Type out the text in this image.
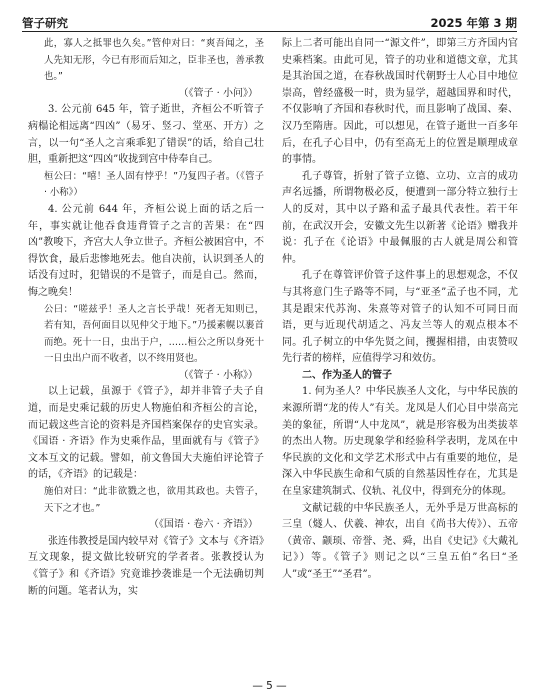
管子研究	2025 年第 3 期

此，寡人之抵罪也久矣。”管仲对曰：“爽吾闻之，圣人先知无形，今已有形而后知之，臣非圣也，善承教也。”

（《管子 · 小问》）

3. 公元前 645 年，管子逝世，齐桓公不听管子病榻论相远离“四凶”（易牙、竖刁、堂巫、开方）之言，以一句“圣人之言乘乖犯了错误”的话，给自己壮胆，重新把这“四凶”收拢到宫中侍奉自己。

桓公曰：“嘻！圣人固有悖乎！”乃复四子者。（《管子 · 小称》）

4. 公元前 644 年，齐桓公说上面的话之后一年，事实就让他吞食违背管子之言的苦果：在“四凶”教唆下，齐宫大人争立世子。齐桓公被困宫中，不得饮食，最后悲惨地死去。他自决前，认识到圣人的话没有过时，犯错误的不是管子，而是自己。然而，悔之晚矣！

公曰：“嗟兹乎！圣人之言长乎哉！死者无知则已，若有知，吾何面目以见仲父于地下。”乃援素幌以裹首而绝。死十一日，虫出于户，……桓公之所以身死十一日虫出户而不收者，以不终用贤也。

（《管子 · 小称》）

以上记载，虽源于《管子》，却并非管子夫子自道，而是史乘记载的历史人物施伯和齐桓公的言论，而记载这些言论的资料是齐国档案保存的史官实录。《国语 · 齐语》作为史乘作品，里面就有与《管子》文本互文的记载。譬如，前文鲁国大夫施伯评论管子的话，《齐语》的记载是：

施伯对曰：“此非欲戮之也，欲用其政也。夫管子，天下之才也。”

（《国语 · 卷六 · 齐语》）

张连伟教授是国内较早对《管子》文本与《齐语》互文现象，提文做比较研究的学者者。张教授认为《管子》和《齐语》究竟谁抄袭谁是一个无法确切判断的问题。笔者认为，实

际上二者可能出自同一“源文件”，即第三方齐国内官史乘档案。由此可见，管子的功业和道德文章，尤其是其治国之道，在春秋战国时代朝野士人心目中地位崇高，曾经盛极一时，贵为显学，超越国界和时代，不仅影响了齐国和春秋时代，而且影响了战国、秦、汉乃至隋唐。因此，可以想见，在管子逝世一百多年后，在孔子心目中，仍有至高无上的位置是顺理成章的事情。

孔子尊管，折射了管子立德、立功、立言的成功声名远播，所谓物极必反，便遭到一部分特立独行士人的反对，其中以子路和孟子最具代表性。若干年前，在武汉开会，安徽文先生以新著《论语》赠我并说：孔子在《论语》中最佩服的古人就是周公和管仲。

孔子在尊管评价管子这件事上的思想观念，不仅与其将意门生子路等不同，与“亚圣”孟子也不同，尤其是跟宋代苏洵、朱熹等对管子的认知不可同日而语，更与近现代胡适之、冯友兰等人的观点根本不同。孔子树立的中华先贤之间，攫握相措，由衷赞叹先行者的榜样，应值得学习和效仿。

二、作为圣人的管子

1. 何为圣人？中华民族圣人文化，与中华民族的来源所谓“龙的传人”有关。龙凤是人们心目中崇高完美的象征，所谓“人中龙凤”，就是形容极为出类拔萃的杰出人物。历史现象学和经验科学表明，龙凤在中华民族的文化和文学艺术形式中占有重要的地位，是深入中华民族生命和气质的自然基因性存在，尤其是在皇家建筑制式、仪轨、礼仪中，得到充分的体现。

文献记载的中华民族圣人，无外乎是万世高标的三皇（燧人、伏羲、神农，出自《尚书大传》）、五帝（黄帝、颛顼、帝誉、尧、舜，出自《史记》《大戴礼记》）等。《管子》则记之以“三皇五伯”名曰“圣人”或“圣王”“圣君”。

— 5 —
